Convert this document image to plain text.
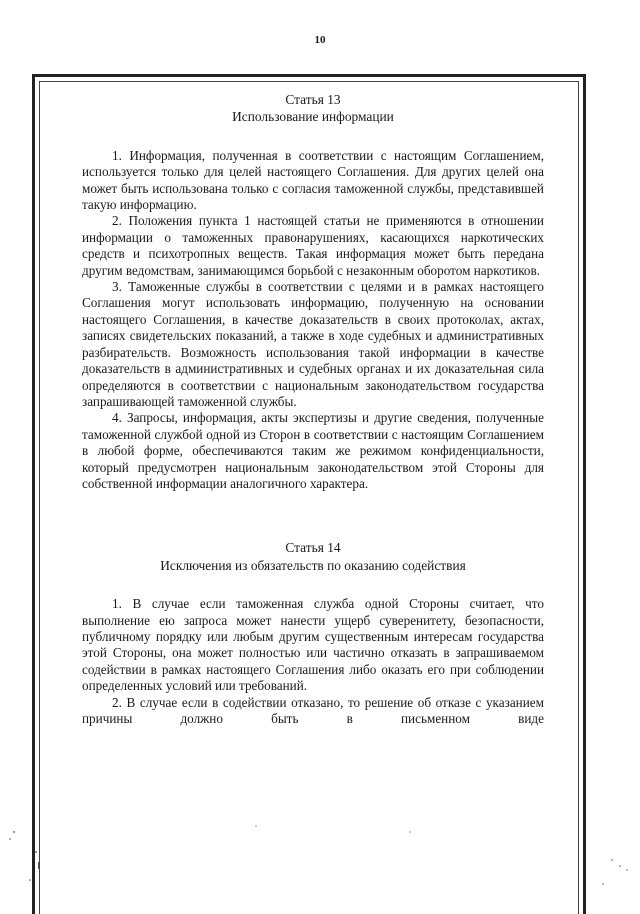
10
Статья 13
Использование информации

1. Информация, полученная в соответствии с настоящим Соглашением, используется только для целей настоящего Соглашения. Для других целей она может быть использована только с согласия таможенной службы, представившей такую информацию.

2. Положения пункта 1 настоящей статьи не применяются в отношении информации о таможенных правонарушениях, касающихся наркотических средств и психотропных веществ. Такая информация может быть передана другим ведомствам, занимающимся борьбой с незаконным оборотом наркотиков.

3. Таможенные службы в соответствии с целями и в рамках настоящего Соглашения могут использовать информацию, полученную на основании настоящего Соглашения, в качестве доказательств в своих протоколах, актах, записях свидетельских показаний, а также в ходе судебных и административных разбирательств. Возможность использования такой информации в качестве доказательств в административных и судебных органах и их доказательная сила определяются в соответствии с национальным законодательством государства запрашивающей таможенной службы.

4. Запросы, информация, акты экспертизы и другие сведения, полученные таможенной службой одной из Сторон в соответствии с настоящим Соглашением в любой форме, обеспечиваются таким же режимом конфиденциальности, который предусмотрен национальным законодательством этой Стороны для собственной информации аналогичного характера.

Статья 14
Исключения из обязательств по оказанию содействия

1. В случае если таможенная служба одной Стороны считает, что выполнение ею запроса может нанести ущерб суверенитету, безопасности, публичному порядку или любым другим существенным интересам государства этой Стороны, она может полностью или частично отказать в запрашиваемом содействии в рамках настоящего Соглашения либо оказать его при соблюдении определенных условий или требований.

2. В случае если в содействии отказано, то решение об отказе с указанием причины должно быть в письменном виде
